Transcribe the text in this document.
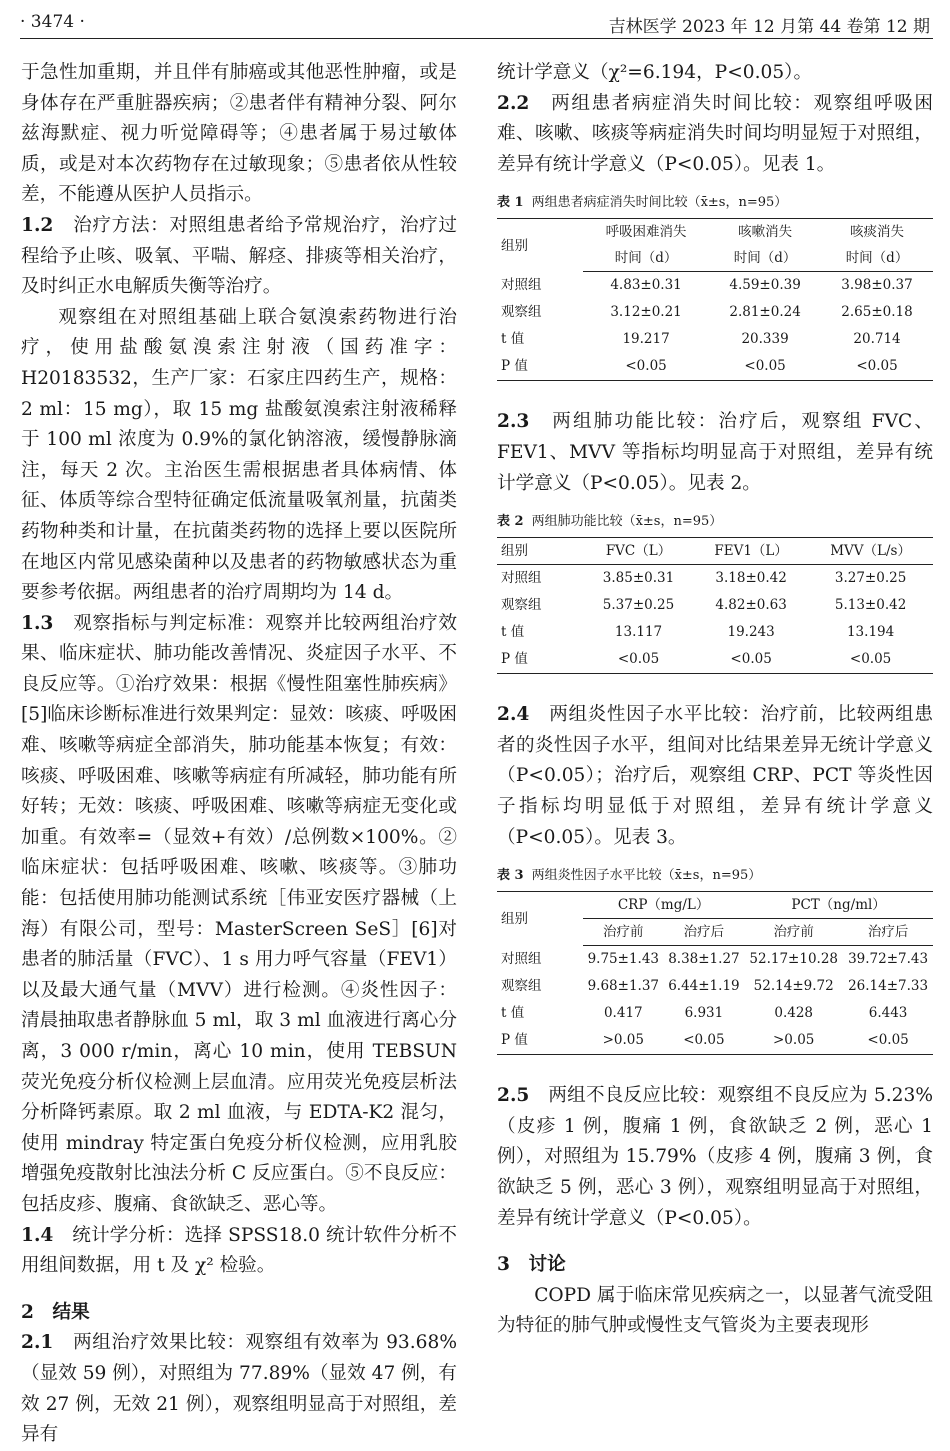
· 3474 ·	吉林医学 2023 年 12 月第 44 卷第 12 期

于急性加重期，并且伴有肺癌或其他恶性肿瘤，或是身体存在严重脏器疾病；②患者伴有精神分裂、阿尔兹海默症、视力听觉障碍等；④患者属于易过敏体质，或是对本次药物存在过敏现象；⑤患者依从性较差，不能遵从医护人员指示。

1.2　 治疗方法：对照组患者给予常规治疗，治疗过程给予止咳、吸氧、平喘、解痉、排痰等相关治疗，及时纠正水电解质失衡等治疗。

观察组在对照组基础上联合氨溴索药物进行治疗，使用盐酸氨溴索注射液（国药准字：H20183532，生产厂家：石家庄四药生产，规格：2 ml：15 mg），取 15 mg 盐酸氨溴索注射液稀释于 100 ml 浓度为 0.9%的氯化钠溶液，缓慢静脉滴注，每天 2 次。主治医生需根据患者具体病情、体征、体质等综合型特征确定低流量吸氧剂量，抗菌类药物种类和计量，在抗菌类药物的选择上要以医院所在地区内常见感染菌种以及患者的药物敏感状态为重要参考依据。两组患者的治疗周期均为 14 d。

1.3　 观察指标与判定标准：观察并比较两组治疗效果、临床症状、肺功能改善情况、炎症因子水平、不良反应等。①治疗效果：根据《慢性阻塞性肺疾病》[5]临床诊断标准进行效果判定：显效：咳痰、呼吸困难、咳嗽等病症全部消失，肺功能基本恢复；有效：咳痰、呼吸困难、咳嗽等病症有所减轻，肺功能有所好转；无效：咳痰、呼吸困难、咳嗽等病症无变化或加重。有效率=（显效+有效）/总例数×100%。②临床症状：包括呼吸困难、咳嗽、咳痰等。③肺功能：包括使用肺功能测试系统［伟亚安医疗器械（上海）有限公司，型号：MasterScreen SeS］[6]对患者的肺活量（FVC）、1 s 用力呼气容量（FEV1）以及最大通气量（MVV）进行检测。④炎性因子：清晨抽取患者静脉血 5 ml，取 3 ml 血液进行离心分离，3 000 r/min，离心 10 min，使用 TEBSUN 荧光免疫分析仪检测上层血清。应用荧光免疫层析法分析降钙素原。取 2 ml 血液，与 EDTA-K2 混匀，使用 mindray 特定蛋白免疫分析仪检测，应用乳胶增强免疫散射比浊法分析 C 反应蛋白。⑤不良反应：包括皮疹、腹痛、食欲缺乏、恶心等。

1.4　 统计学分析：选择 SPSS18.0 统计软件分析不用组间数据，用 t 及 χ² 检验。

2　结果

2.1　 两组治疗效果比较：观察组有效率为 93.68%（显效 59 例），对照组为 77.89%（显效 47 例，有效 27 例，无效 21 例），观察组明显高于对照组，差异有

统计学意义（χ²=6.194，P<0.05）。

2.2　 两组患者病症消失时间比较：观察组呼吸困难、咳嗽、咳痰等病症消失时间均明显短于对照组，差异有统计学意义（P<0.05）。见表 1。

表 1 两组患者病症消失时间比较（x̄±s，n=95）
组别	呼吸困难消失	咳嗽消失	咳痰消失
	时间（d）	时间（d）	时间（d）
对照组	4.83±0.31	4.59±0.39	3.98±0.37
观察组	3.12±0.21	2.81±0.24	2.65±0.18
t 值	19.217	20.339	20.714
P 值	<0.05	<0.05	<0.05

2.3　 两组肺功能比较：治疗后，观察组 FVC、FEV1、MVV 等指标均明显高于对照组，差异有统计学意义（P<0.05）。见表 2。

表 2 两组肺功能比较（x̄±s，n=95）
组别	FVC（L）	FEV1（L）	MVV（L/s）
对照组	3.85±0.31	3.18±0.42	3.27±0.25
观察组	5.37±0.25	4.82±0.63	5.13±0.42
t 值	13.117	19.243	13.194
P 值	<0.05	<0.05	<0.05

2.4　 两组炎性因子水平比较：治疗前，比较两组患者的炎性因子水平，组间对比结果差异无统计学意义（P<0.05）；治疗后，观察组 CRP、PCT 等炎性因子指标均明显低于对照组，差异有统计学意义（P<0.05）。见表 3。

表 3 两组炎性因子水平比较（x̄±s，n=95）
组别	CRP（mg/L）		PCT（ng/ml）	
	治疗前	治疗后	治疗前	治疗后
对照组	9.75±1.43	8.38±1.27	52.17±10.28	39.72±7.43
观察组	9.68±1.37	6.44±1.19	52.14±9.72	26.14±7.33
t 值	0.417	6.931	0.428	6.443
P 值	>0.05	<0.05	>0.05	<0.05

2.5　 两组不良反应比较：观察组不良反应为 5.23%（皮疹 1 例，腹痛 1 例，食欲缺乏 2 例，恶心 1 例），对照组为 15.79%（皮疹 4 例，腹痛 3 例，食欲缺乏 5 例，恶心 3 例），观察组明显高于对照组，差异有统计学意义（P<0.05）。

3　讨论

COPD 属于临床常见疾病之一，以显著气流受阻为特征的肺气肿或慢性支气管炎为主要表现形
